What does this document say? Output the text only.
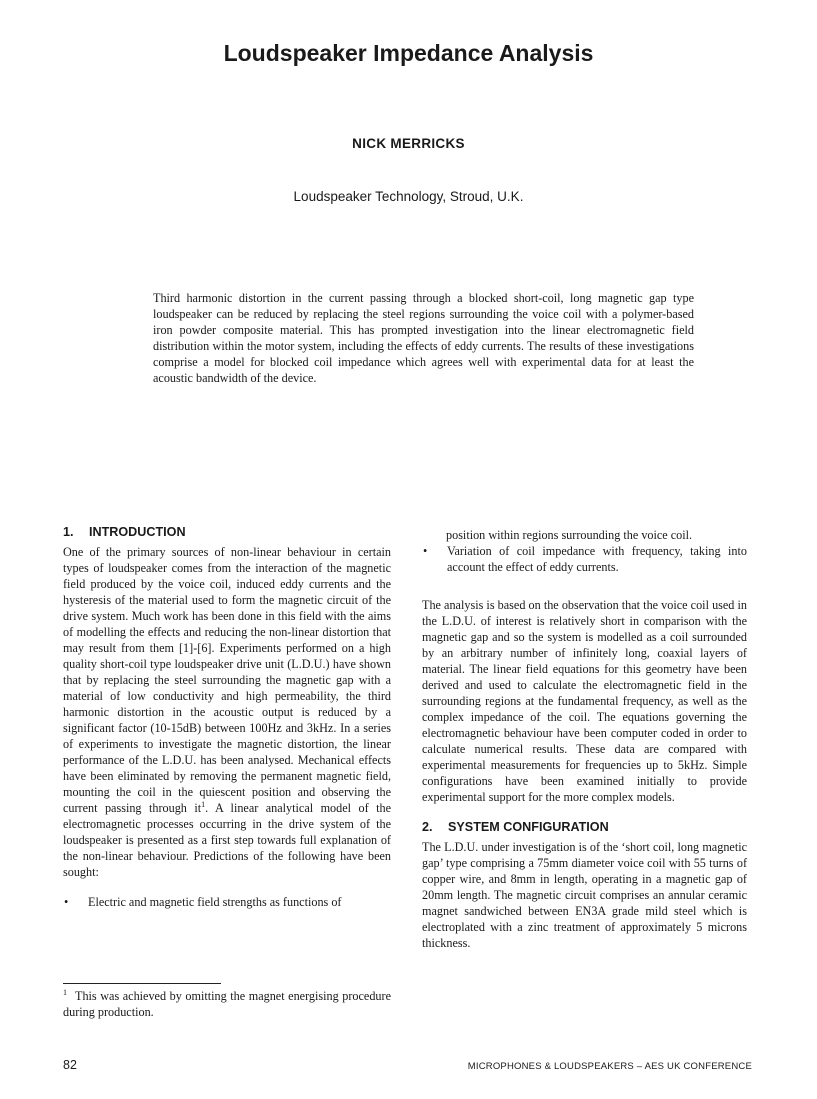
Loudspeaker Impedance Analysis

NICK MERRICKS

Loudspeaker Technology, Stroud, U.K.

Third harmonic distortion in the current passing through a blocked short-coil, long magnetic gap type loudspeaker can be reduced by replacing the steel regions surrounding the voice coil with a polymer-based iron powder composite material. This has prompted investigation into the linear electromagnetic field distribution within the motor system, including the effects of eddy currents. The results of these investigations comprise a model for blocked coil impedance which agrees well with experimental data for at least the acoustic bandwidth of the device.

1. INTRODUCTION

One of the primary sources of non-linear behaviour in certain types of loudspeaker comes from the interaction of the magnetic field produced by the voice coil, induced eddy currents and the hysteresis of the material used to form the magnetic circuit of the drive system. Much work has been done in this field with the aims of modelling the effects and reducing the non-linear distortion that may result from them [1]-[6]. Experiments performed on a high quality short-coil type loudspeaker drive unit (L.D.U.) have shown that by replacing the steel surrounding the magnetic gap with a material of low conductivity and high permeability, the third harmonic distortion in the acoustic output is reduced by a significant factor (10-15dB) between 100Hz and 3kHz. In a series of experiments to investigate the magnetic distortion, the linear performance of the L.D.U. has been analysed. Mechanical effects have been eliminated by removing the permanent magnetic field, mounting the coil in the quiescent position and observing the current passing through $it^1$. A linear analytical model of the electromagnetic processes occurring in the drive system of the loudspeaker is presented as a first step towards full explanation of the non-linear behaviour. Predictions of the following have been sought:

•	Electric and magnetic field strengths as functions of

position within regions surrounding the voice coil.

•	Variation of coil impedance with frequency, taking into account the effect of eddy currents.

The analysis is based on the observation that the voice coil used in the L.D.U. of interest is relatively short in comparison with the magnetic gap and so the system is modelled as a coil surrounded by an arbitrary number of infinitely long, coaxial layers of material. The linear field equations for this geometry have been derived and used to calculate the electromagnetic field in the surrounding regions at the fundamental frequency, as well as the complex impedance of the coil. The equations governing the electromagnetic behaviour have been computer coded in order to calculate numerical results. These data are compared with experimental measurements for frequencies up to 5kHz. Simple configurations have been examined initially to provide experimental support for the more complex models.

2. SYSTEM CONFIGURATION

The L.D.U. under investigation is of the ‘short coil, long magnetic gap’ type comprising a 75mm diameter voice coil with 55 turns of copper wire, and 8mm in length, operating in a magnetic gap of 20mm length. The magnetic circuit comprises an annular ceramic magnet sandwiched between EN3A grade mild steel which is electroplated with a zinc treatment of approximately 5 microns thickness.

$^1$ This was achieved by omitting the magnet energising procedure during production.

82	MICROPHONES & LOUDSPEAKERS – AES UK CONFERENCE
